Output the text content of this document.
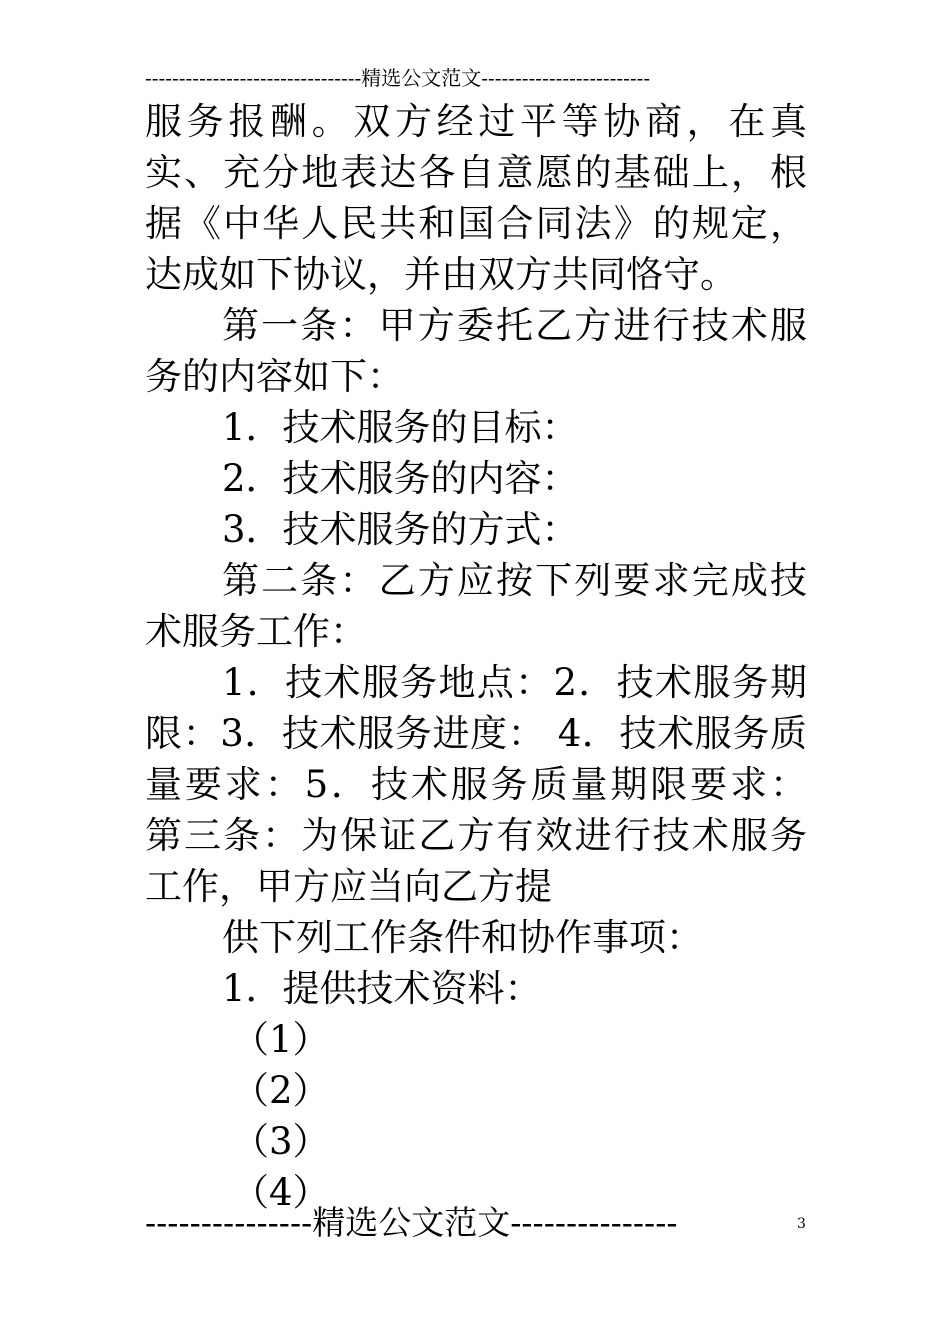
--------------------------------精选公文范文-------------------------

服务报酬。双方经过平等协商，在真实、充分地表达各自意愿的基础上，根据《中华人民共和国合同法》的规定，达成如下协议，并由双方共同恪守。

第一条：甲方委托乙方进行技术服务的内容如下：

1．技术服务的目标：

2．技术服务的内容：

3．技术服务的方式：

第二条：乙方应按下列要求完成技术服务工作：

1．技术服务地点：2．技术服务期限：3．技术服务进度： 4．技术服务质量要求：5．技术服务质量期限要求： 第三条：为保证乙方有效进行技术服务工作，甲方应当向乙方提

供下列工作条件和协作事项：

1．提供技术资料：

（1）

（2）

（3）

（4）

---------------精选公文范文---------------	3
